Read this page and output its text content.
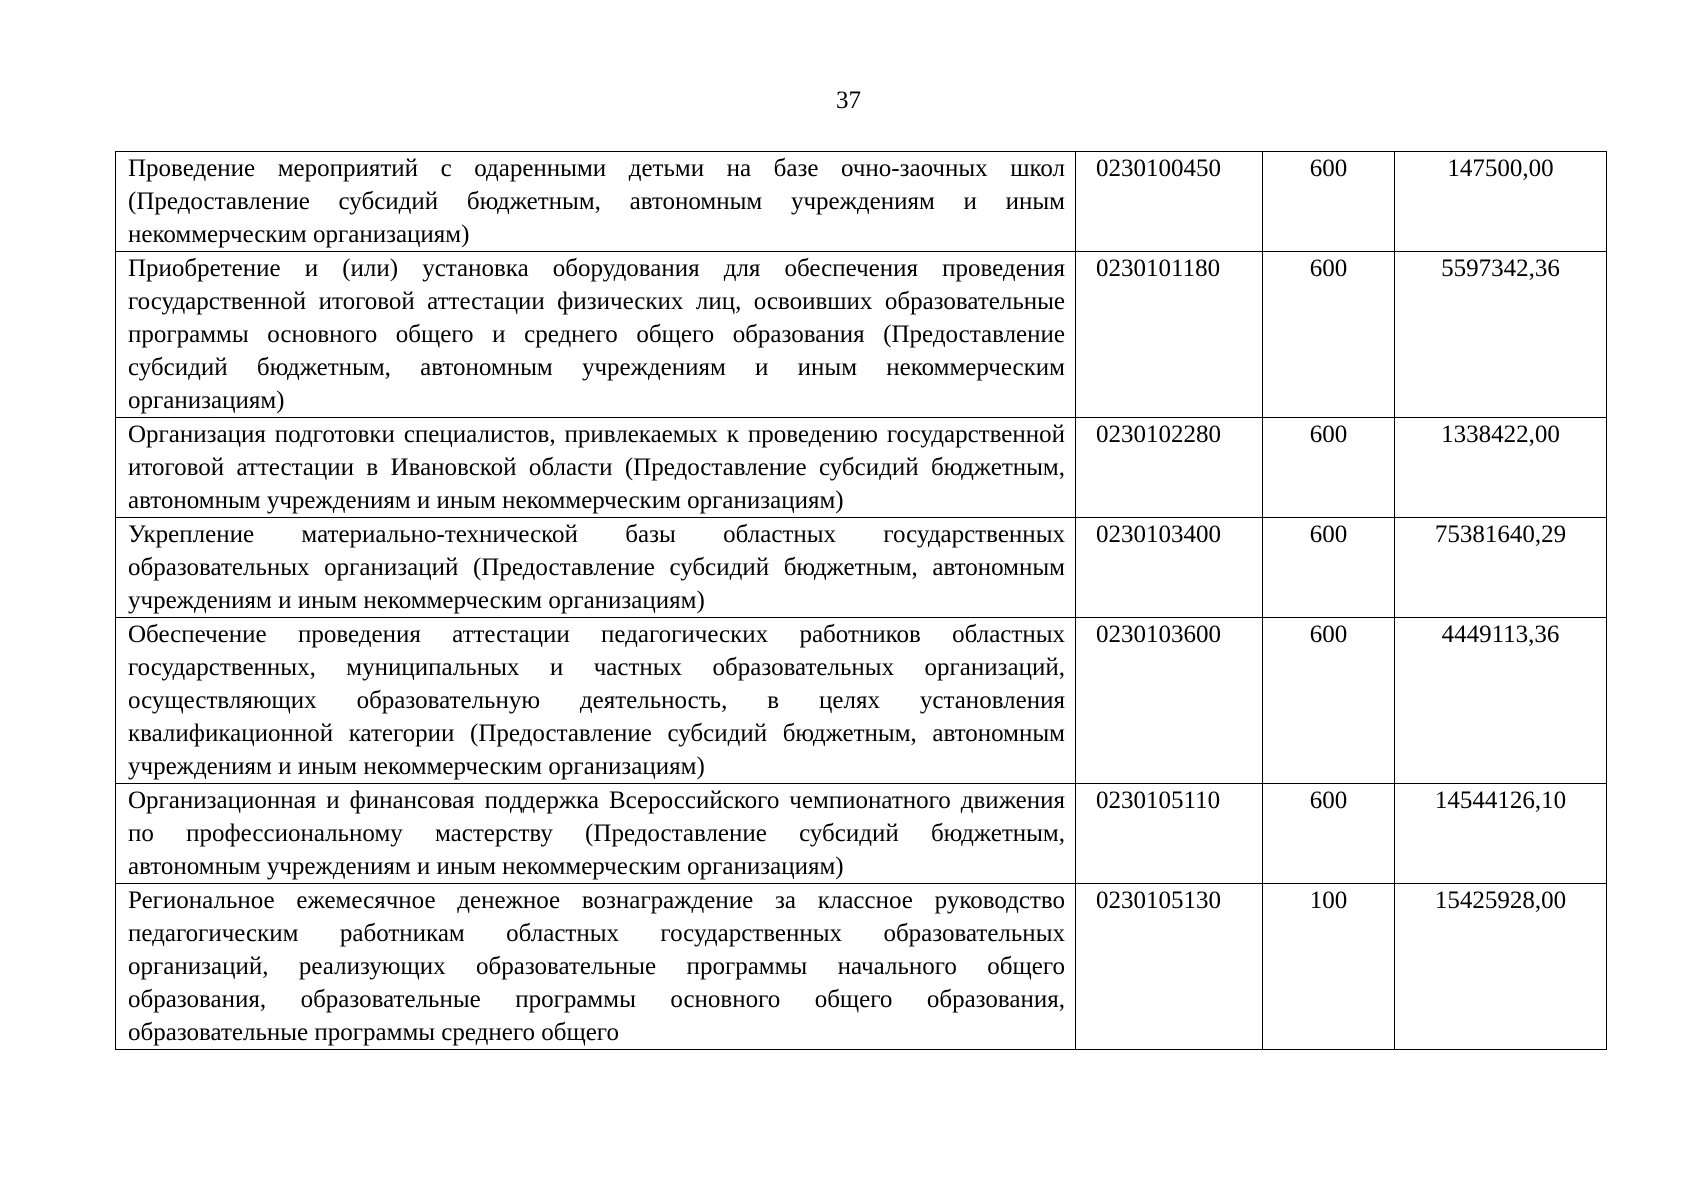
37
Проведение мероприятий с одаренными детьми на базе очно-заочных школ (Предоставление субсидий бюджетным, автономным учреждениям и иным некоммерческим организациям)	0230100450	600	147500,00

Приобретение и (или) установка оборудования для обеспечения проведения государственной итоговой аттестации физических лиц, освоивших образовательные программы основного общего и среднего общего образования (Предоставление субсидий бюджетным, автономным учреждениям и иным некоммерческим организациям)	0230101180	600	5597342,36

Организация подготовки специалистов, привлекаемых к проведению государственной итоговой аттестации в Ивановской области (Предоставление субсидий бюджетным, автономным учреждениям и иным некоммерческим организациям)	0230102280	600	1338422,00

Укрепление материально-технической базы областных государственных образовательных организаций (Предоставление субсидий бюджетным, автономным учреждениям и иным некоммерческим организациям)	0230103400	600	75381640,29

Обеспечение проведения аттестации педагогических работников областных государственных, муниципальных и частных образовательных организаций, осуществляющих образовательную деятельность, в целях установления квалификационной категории (Предоставление субсидий бюджетным, автономным учреждениям и иным некоммерческим организациям)	0230103600	600	4449113,36

Организационная и финансовая поддержка Всероссийского чемпионатного движения по профессиональному мастерству (Предоставление субсидий бюджетным, автономным учреждениям и иным некоммерческим организациям)	0230105110	600	14544126,10

Региональное ежемесячное денежное вознаграждение за классное руководство педагогическим работникам областных государственных образовательных организаций, реализующих образовательные программы начального общего образования, образовательные программы основного общего образования, образовательные программы среднего общего	0230105130	100	15425928,00
